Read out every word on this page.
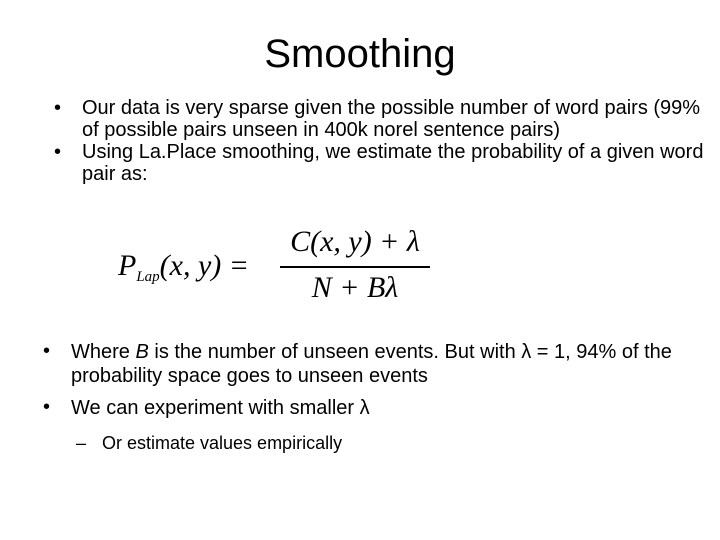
Smoothing
• Our data is very sparse given the possible number of word pairs (99% of possible pairs unseen in 400k norel sentence pairs)
• Using La.Place smoothing, we estimate the probability of a given word pair as:
$P_{Lap}(x$, y) =
C(x, y) + λ
N + Bλ
• Where B is the number of unseen events. But with λ = 1, 94% of the probability space goes to unseen events
• We can experiment with smaller λ
– Or estimate values empirically
